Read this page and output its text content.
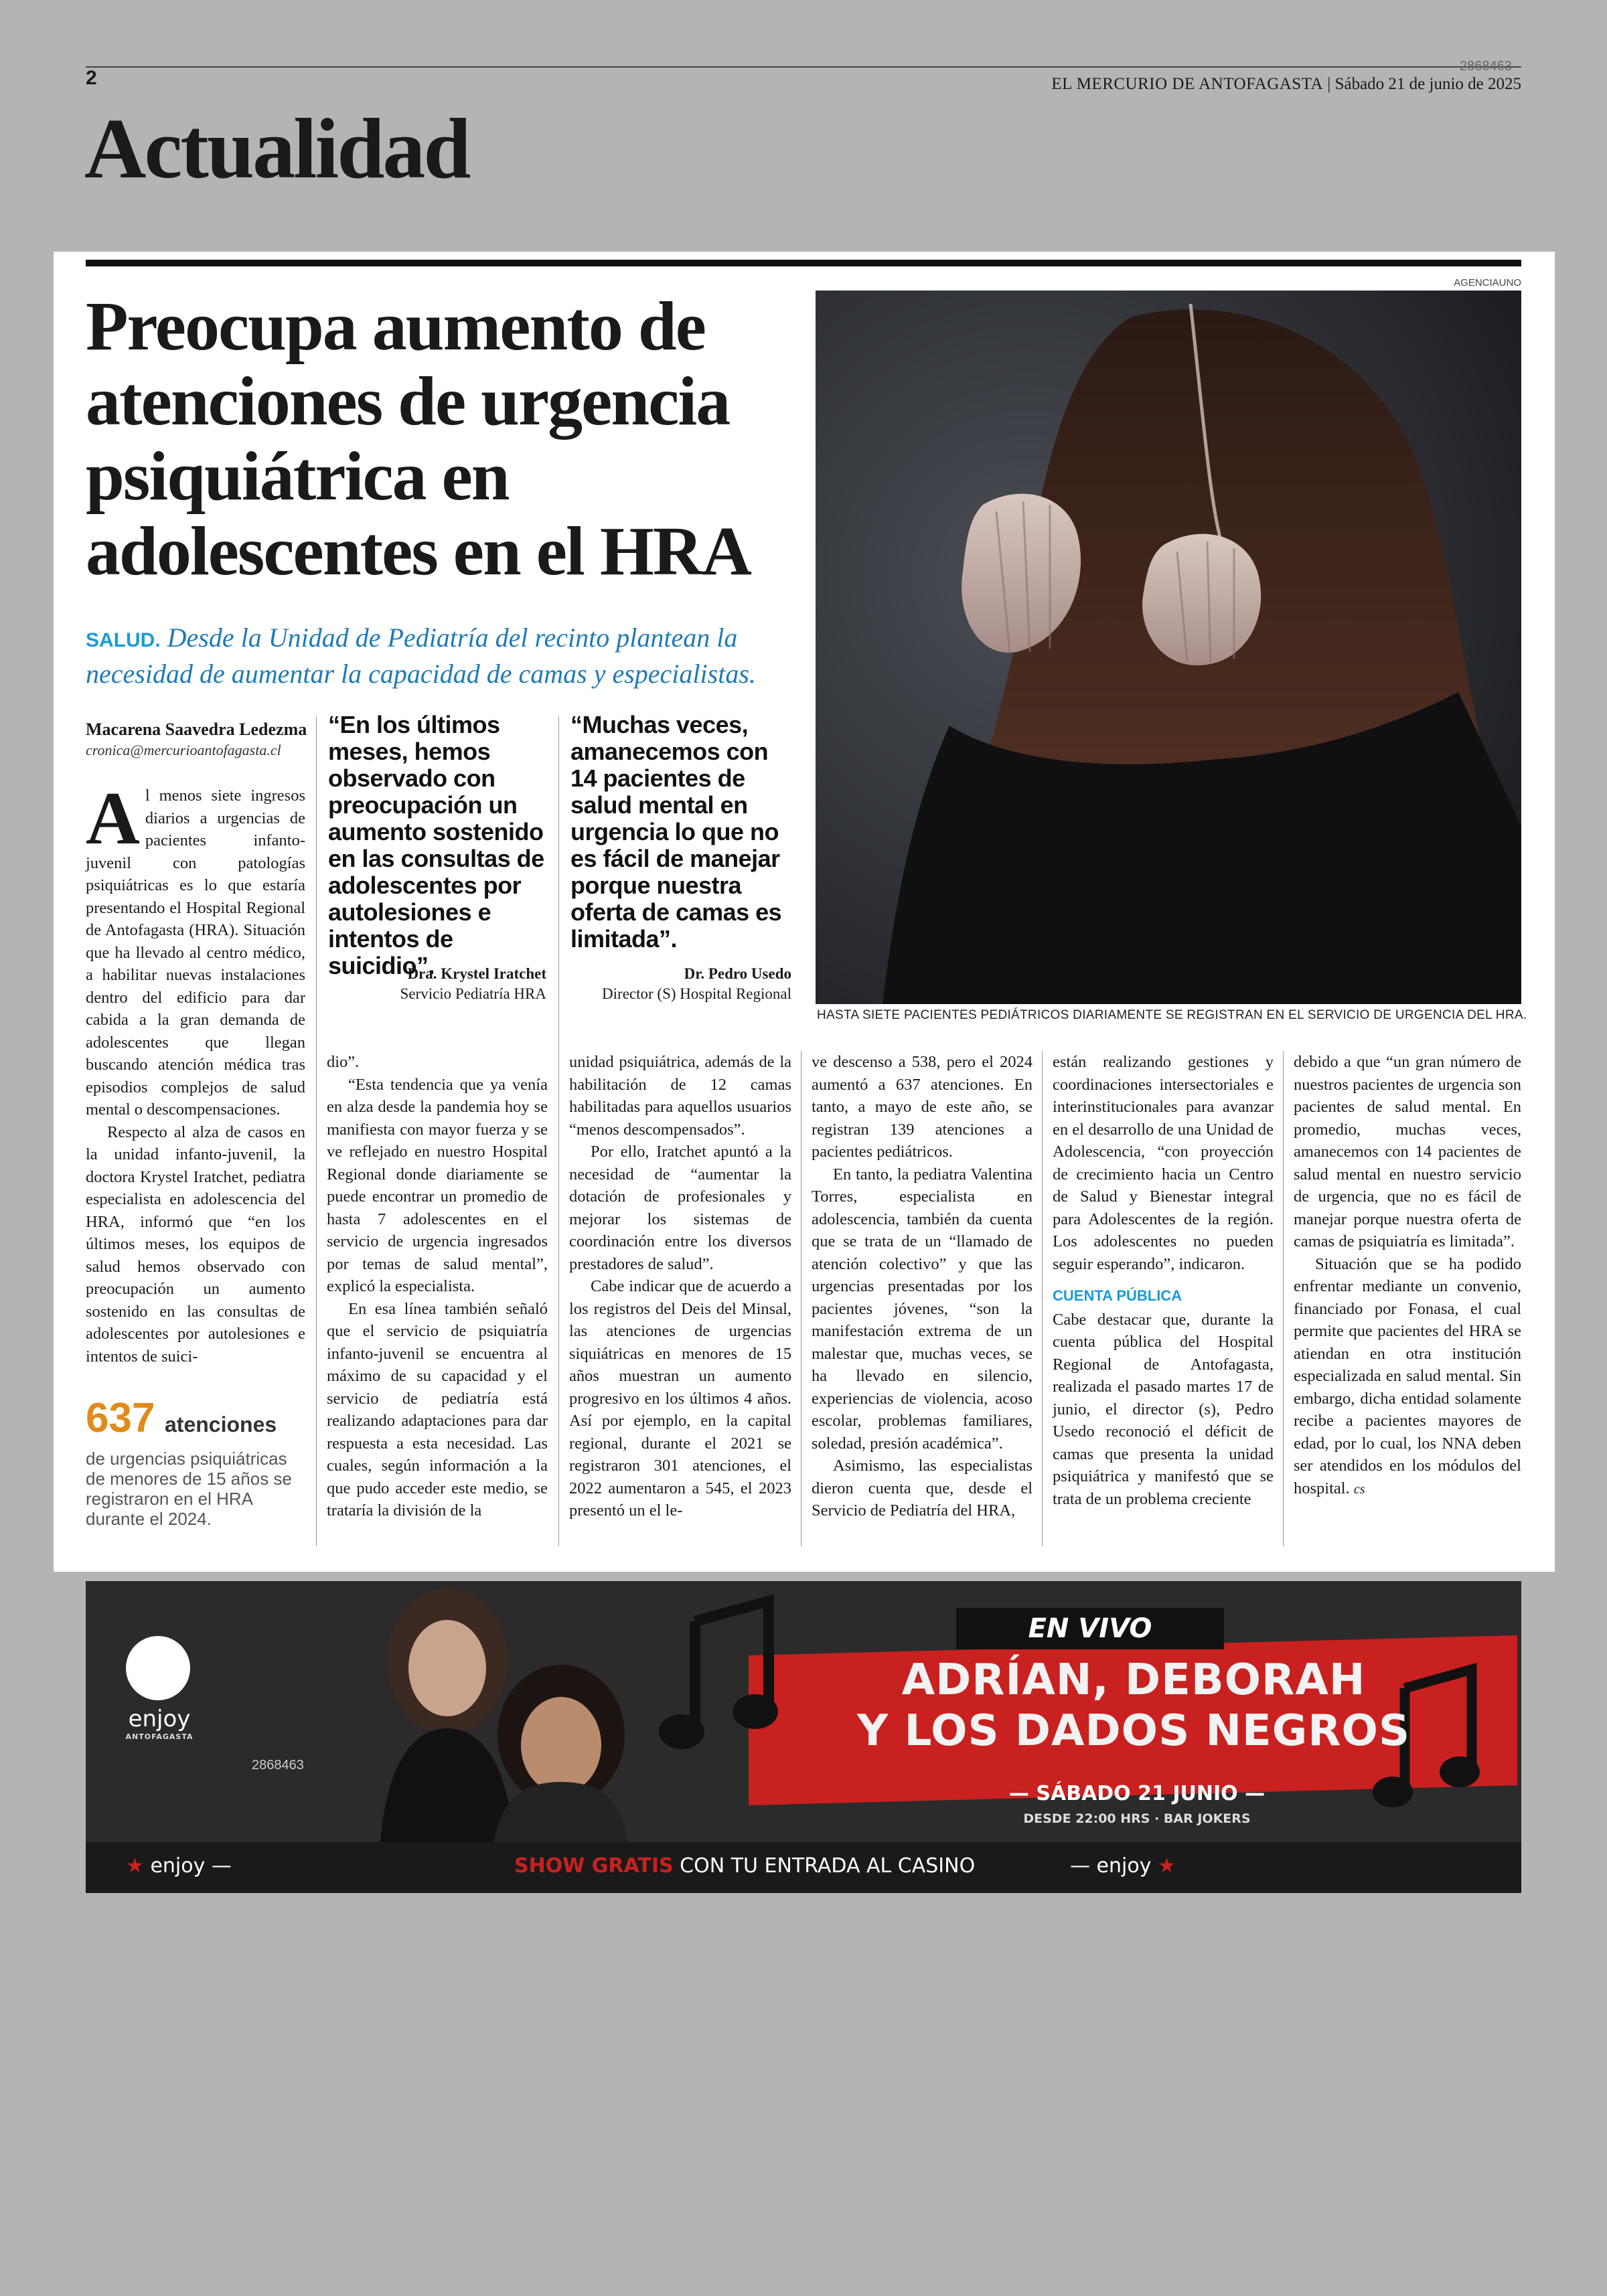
2
2868463
EL MERCURIO DE ANTOFAGASTA | Sábado 21 de junio de 2025
Actualidad
Preocupa aumento de atenciones de urgencia psiquiátrica en adolescentes en el HRA
SALUD. Desde la Unidad de Pediatría del recinto plantean la necesidad de aumentar la capacidad de camas y especialistas.
AGENCIAUNO
HASTA SIETE PACIENTES PEDIÁTRICOS DIARIAMENTE SE REGISTRAN EN EL SERVICIO DE URGENCIA DEL HRA.
Macarena Saavedra Ledezma
cronica@mercurioantofagasta.cl
“En los últimos meses, hemos observado con preocupación un aumento sostenido en las consultas de adolescentes por autolesiones e intentos de suicidio”.
Dra. Krystel Iratchet
Servicio Pediatría HRA
“Muchas veces, amanecemos con 14 pacientes de salud mental en urgencia lo que no es fácil de manejar porque nuestra oferta de camas es limitada”.
Dr. Pedro Usedo
Director (S) Hospital Regional

Al menos siete ingresos diarios a urgencias de pacientes infanto-juvenil con patologías psiquiátricas es lo que estaría presentando el Hospital Regional de Antofagasta (HRA). Situación que ha llevado al centro médico, a habilitar nuevas instalaciones dentro del edificio para dar cabida a la gran demanda de adolescentes que llegan buscando atención médica tras episodios complejos de salud mental o descompensaciones.

Respecto al alza de casos en la unidad infanto-juvenil, la doctora Krystel Iratchet, pediatra especialista en adolescencia del HRA, informó que “en los últimos meses, los equipos de salud hemos observado con preocupación un aumento sostenido en las consultas de adolescentes por autolesiones e intentos de suici-

637 atenciones
de urgencias psiquiátricas de menores de 15 años se registraron en el HRA durante el 2024.

dio”.

“Esta tendencia que ya venía en alza desde la pandemia hoy se manifiesta con mayor fuerza y se ve reflejado en nuestro Hospital Regional donde diariamente se puede encontrar un promedio de hasta 7 adolescentes en el servicio de urgencia ingresados por temas de salud mental”, explicó la especialista.

En esa línea también señaló que el servicio de psiquiatría infanto-juvenil se encuentra al máximo de su capacidad y el servicio de pediatría está realizando adaptaciones para dar respuesta a esta necesidad. Las cuales, según información a la que pudo acceder este medio, se trataría la división de la

unidad psiquiátrica, además de la habilitación de 12 camas habilitadas para aquellos usuarios “menos descompensados”.

Por ello, Iratchet apuntó a la necesidad de “aumentar la dotación de profesionales y mejorar los sistemas de coordinación entre los diversos prestadores de salud”.

Cabe indicar que de acuerdo a los registros del Deis del Minsal, las atenciones de urgencias siquiátricas en menores de 15 años muestran un aumento progresivo en los últimos 4 años. Así por ejemplo, en la capital regional, durante el 2021 se registraron 301 atenciones, el 2022 aumentaron a 545, el 2023 presentó un el le-

ve descenso a 538, pero el 2024 aumentó a 637 atenciones. En tanto, a mayo de este año, se registran 139 atenciones a pacientes pediátricos.

En tanto, la pediatra Valentina Torres, especialista en adolescencia, también da cuenta que se trata de un “llamado de atención colectivo” y que las urgencias presentadas por los pacientes jóvenes, “son la manifestación extrema de un malestar que, muchas veces, se ha llevado en silencio, experiencias de violencia, acoso escolar, problemas familiares, soledad, presión académica”.

Asimismo, las especialistas dieron cuenta que, desde el Servicio de Pediatría del HRA,

están realizando gestiones y coordinaciones intersectoriales e interinstitucionales para avanzar en el desarrollo de una Unidad de Adolescencia, “con proyección de crecimiento hacia un Centro de Salud y Bienestar integral para Adolescentes de la región. Los adolescentes no pueden seguir esperando”, indicaron.

CUENTA PÚBLICA

Cabe destacar que, durante la cuenta pública del Hospital Regional de Antofagasta, realizada el pasado martes 17 de junio, el director (s), Pedro Usedo reconoció el déficit de camas que presenta la unidad psiquiátrica y manifestó que se trata de un problema creciente

debido a que “un gran número de nuestros pacientes de urgencia son pacientes de salud mental. En promedio, muchas veces, amanecemos con 14 pacientes de salud mental en nuestro servicio de urgencia, que no es fácil de manejar porque nuestra oferta de camas de psiquiatría es limitada”.

Situación que se ha podido enfrentar mediante un convenio, financiado por Fonasa, el cual permite que pacientes del HRA se atiendan en otra institución especializada en salud mental. Sin embargo, dicha entidad solamente recibe a pacientes mayores de edad, por lo cual, los NNA deben ser atendidos en los módulos del hospital. cs

enjoy
ANTOFAGASTA
2868463
EN VIVO
ADRÍAN, DEBORAH
Y LOS DADOS NEGROS
— SÁBADO 21 JUNIO —
DESDE 22:00 HRS · BAR JOKERS
★ enjoy —	SHOW GRATIS CON TU ENTRADA AL CASINO	— enjoy ★
